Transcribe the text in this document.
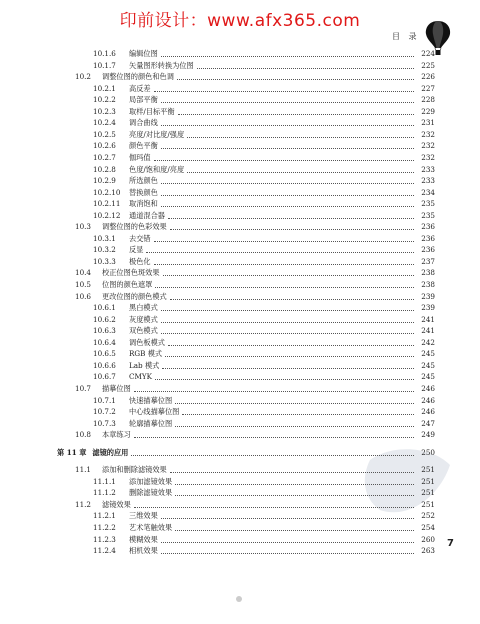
印前设计：www.afx365.com
目 录
10.1.6	编辑位图	224
10.1.7	矢量图形转换为位图	225
10.2	调整位图的颜色和色调	226
10.2.1	高反差	227
10.2.2	局部平衡	228
10.2.3	取样/目标平衡	229
10.2.4	调合曲线	231
10.2.5	亮度/对比度/强度	232
10.2.6	颜色平衡	232
10.2.7	伽玛值	232
10.2.8	色度/饱和度/亮度	233
10.2.9	所选颜色	233
10.2.10	替换颜色	234
10.2.11	取消饱和	235
10.2.12	通道混合器	235
10.3	调整位图的色彩效果	236
10.3.1	去交错	236
10.3.2	反显	236
10.3.3	极色化	237
10.4	校正位图色斑效果	238
10.5	位图的颜色遮罩	238
10.6	更改位图的颜色模式	239
10.6.1	黑白模式	239
10.6.2	灰度模式	241
10.6.3	双色模式	241
10.6.4	调色板模式	242
10.6.5	RGB 模式	245
10.6.6	Lab 模式	245
10.6.7	CMYK	245
10.7	描摹位图	246
10.7.1	快速描摹位图	246
10.7.2	中心线描摹位图	246
10.7.3	轮廓描摹位图	247
10.8	本章练习	249
第 11 章 滤镜的应用	250
11.1	添加和删除滤镜效果	251
11.1.1	添加滤镜效果	251
11.1.2	删除滤镜效果	251
11.2	滤镜效果	251
11.2.1	三维效果	252
11.2.2	艺术笔触效果	254
11.2.3	模糊效果	260
11.2.4	相机效果	263
7
